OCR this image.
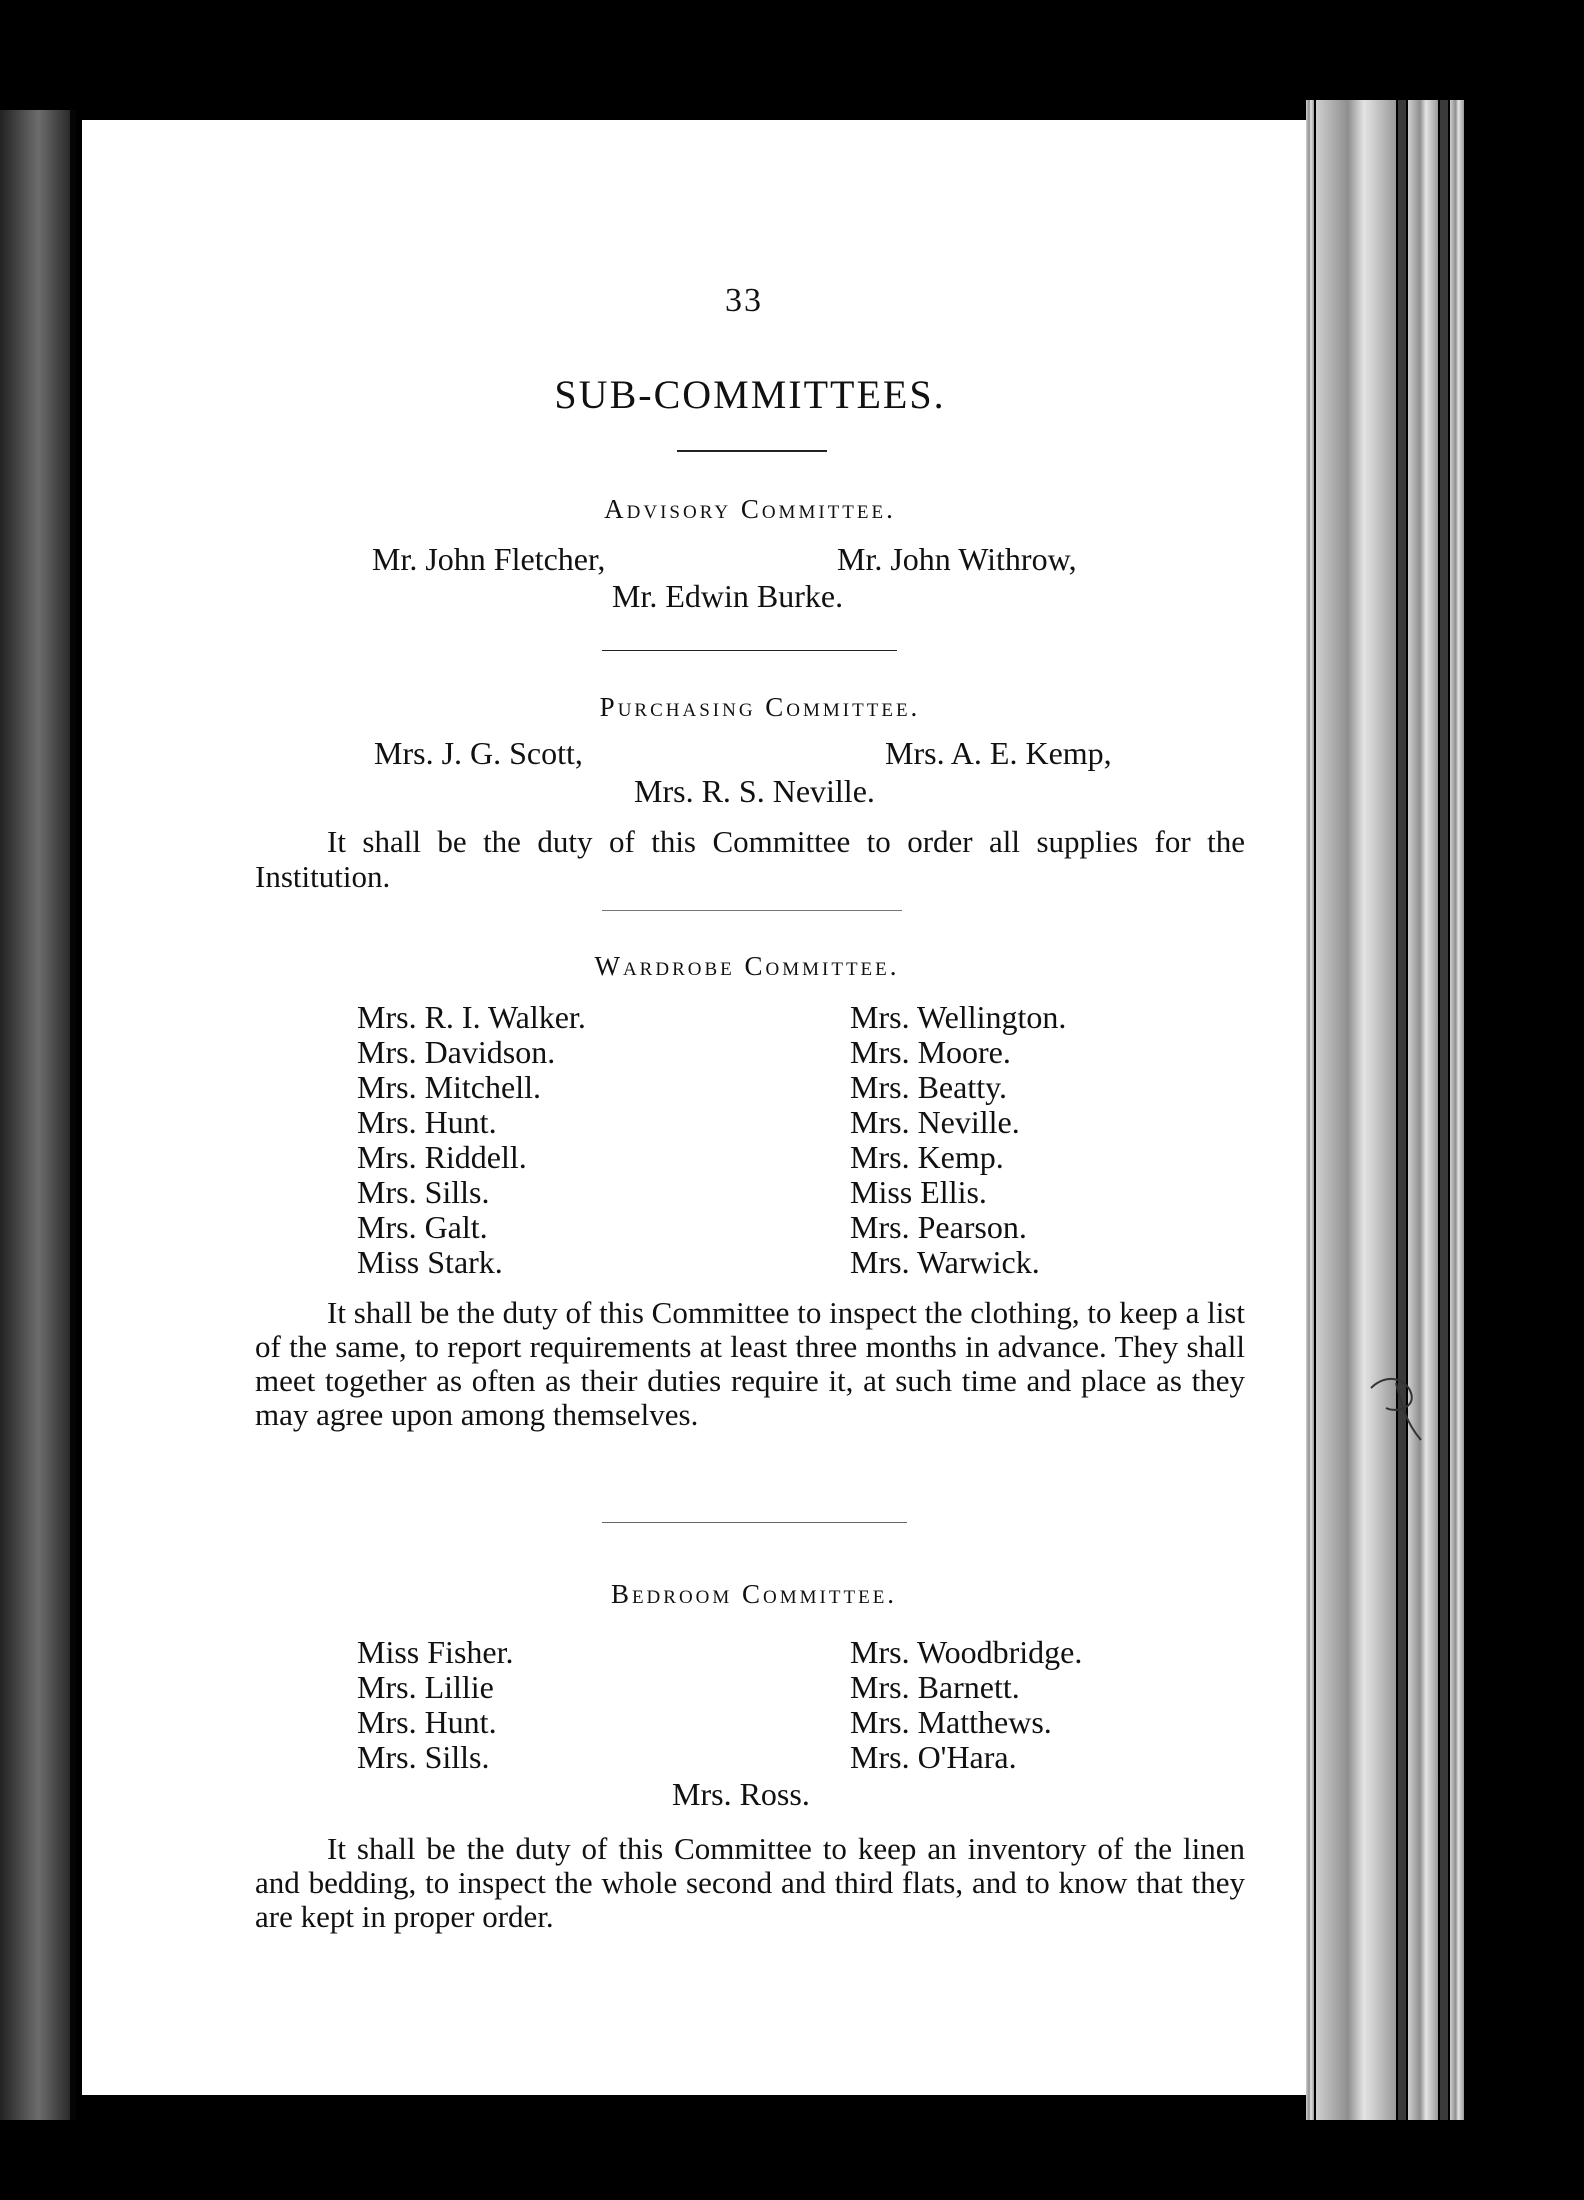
33
SUB-COMMITTEES.
Advisory Committee.
Mr. John Fletcher,	Mr. John Withrow,
Mr. Edwin Burke.
Purchasing Committee.
Mrs. J. G. Scott,	Mrs. A. E. Kemp,
Mrs. R. S. Neville.

It shall be the duty of this Committee to order all supplies for the Institution.

Wardrobe Committee.
Mrs. R. I. Walker.
Mrs. Davidson.
Mrs. Mitchell.
Mrs. Hunt.
Mrs. Riddell.
Mrs. Sills.
Mrs. Galt.
Miss Stark.
Mrs. Wellington.
Mrs. Moore.
Mrs. Beatty.
Mrs. Neville.
Mrs. Kemp.
Miss Ellis.
Mrs. Pearson.
Mrs. Warwick.

It shall be the duty of this Committee to inspect the clothing, to keep a list of the same, to report requirements at least three months in advance. They shall meet together as often as their duties require it, at such time and place as they may agree upon among themselves.

Bedroom Committee.
Miss Fisher.
Mrs. Lillie
Mrs. Hunt.
Mrs. Sills.
Mrs. Woodbridge.
Mrs. Barnett.
Mrs. Matthews.
Mrs. O'Hara.
Mrs. Ross.

It shall be the duty of this Committee to keep an inventory of the linen and bedding, to inspect the whole second and third flats, and to know that they are kept in proper order.
